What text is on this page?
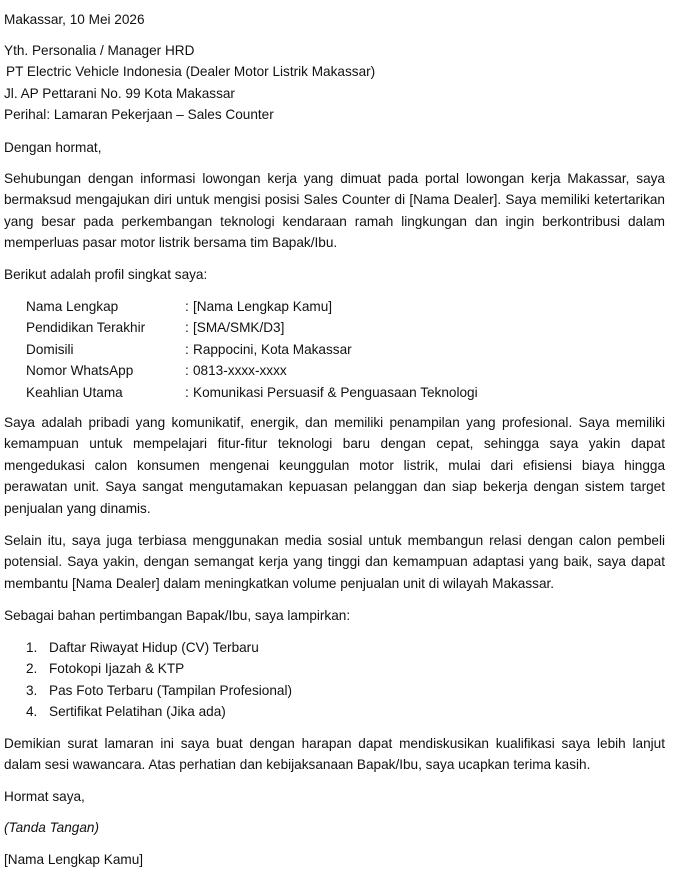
Makassar, 10 Mei 2026

Yth. Personalia / Manager HRD
PT Electric Vehicle Indonesia (Dealer Motor Listrik Makassar)
Jl. AP Pettarani No. 99 Kota Makassar
Perihal: Lamaran Pekerjaan – Sales Counter

Dengan hormat,

Sehubungan dengan informasi lowongan kerja yang dimuat pada portal lowongan kerja Makassar, saya bermaksud mengajukan diri untuk mengisi posisi Sales Counter di [Nama Dealer]. Saya memiliki ketertarikan yang besar pada perkembangan teknologi kendaraan ramah lingkungan dan ingin berkontribusi dalam memperluas pasar motor listrik bersama tim Bapak/Ibu.

Berikut adalah profil singkat saya:

Nama Lengkap	: [Nama Lengkap Kamu]
Pendidikan Terakhir	: [SMA/SMK/D3]
Domisili	: Rappocini, Kota Makassar
Nomor WhatsApp	: 0813-xxxx-xxxx
Keahlian Utama	: Komunikasi Persuasif & Penguasaan Teknologi

Saya adalah pribadi yang komunikatif, energik, dan memiliki penampilan yang profesional. Saya memiliki kemampuan untuk mempelajari fitur-fitur teknologi baru dengan cepat, sehingga saya yakin dapat mengedukasi calon konsumen mengenai keunggulan motor listrik, mulai dari efisiensi biaya hingga perawatan unit. Saya sangat mengutamakan kepuasan pelanggan dan siap bekerja dengan sistem target penjualan yang dinamis.

Selain itu, saya juga terbiasa menggunakan media sosial untuk membangun relasi dengan calon pembeli potensial. Saya yakin, dengan semangat kerja yang tinggi dan kemampuan adaptasi yang baik, saya dapat membantu [Nama Dealer] dalam meningkatkan volume penjualan unit di wilayah Makassar.

Sebagai bahan pertimbangan Bapak/Ibu, saya lampirkan:

1. Daftar Riwayat Hidup (CV) Terbaru
2. Fotokopi Ijazah & KTP
3. Pas Foto Terbaru (Tampilan Profesional)
4. Sertifikat Pelatihan (Jika ada)

Demikian surat lamaran ini saya buat dengan harapan dapat mendiskusikan kualifikasi saya lebih lanjut dalam sesi wawancara. Atas perhatian dan kebijaksanaan Bapak/Ibu, saya ucapkan terima kasih.

Hormat saya,

(Tanda Tangan)

[Nama Lengkap Kamu]
